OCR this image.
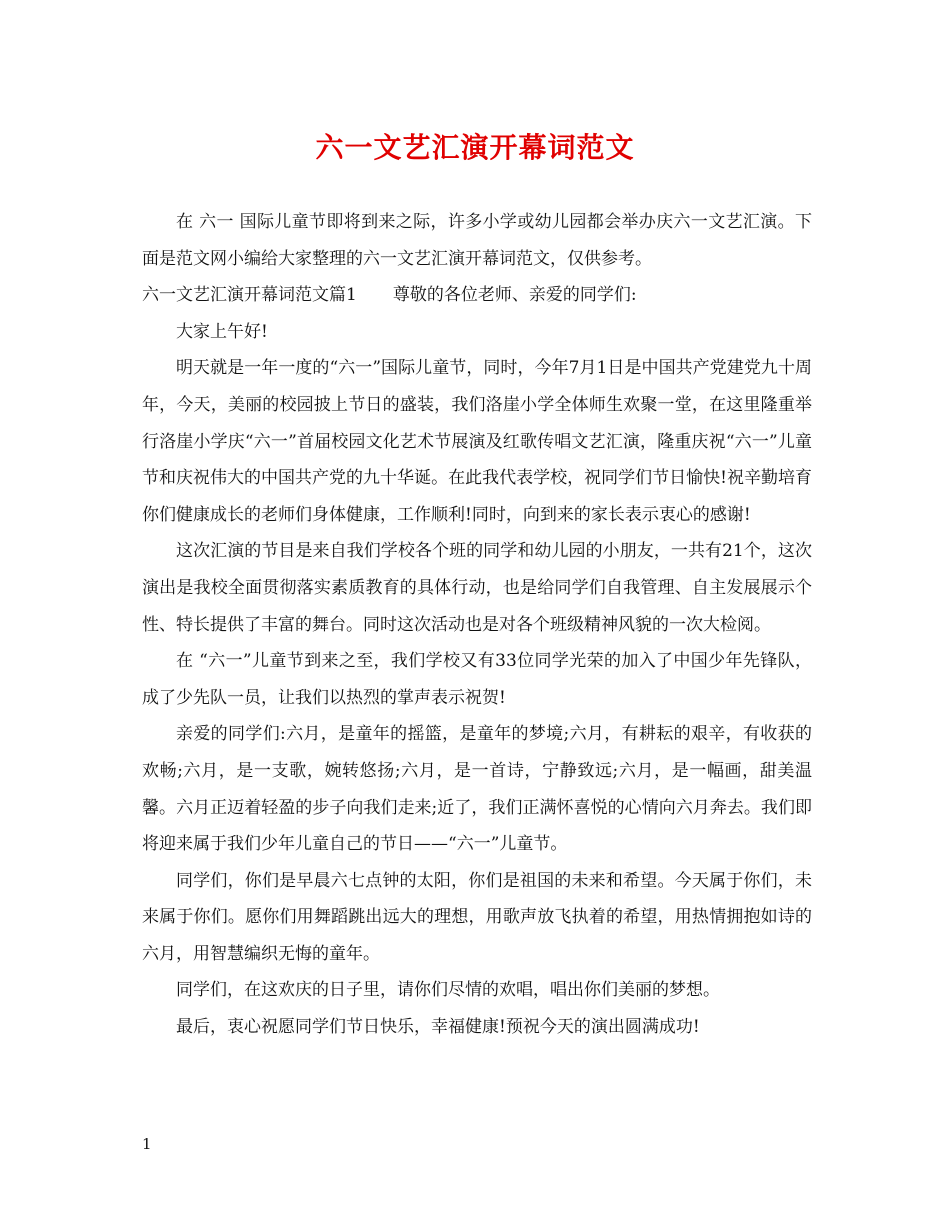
六一文艺汇演开幕词范文

在 六一 国际儿童节即将到来之际，许多小学或幼儿园都会举办庆六一文艺汇演。下面是范文网小编给大家整理的六一文艺汇演开幕词范文，仅供参考。

六一文艺汇演开幕词范文篇1 尊敬的各位老师、亲爱的同学们:

大家上午好!

明天就是一年一度的“六一”国际儿童节，同时，今年7月1日是中国共产党建党九十周年，今天，美丽的校园披上节日的盛装，我们洛崖小学全体师生欢聚一堂，在这里隆重举行洛崖小学庆“六一”首届校园文化艺术节展演及红歌传唱文艺汇演，隆重庆祝“六一”儿童节和庆祝伟大的中国共产党的九十华诞。在此我代表学校，祝同学们节日愉快!祝辛勤培育你们健康成长的老师们身体健康，工作顺利!同时，向到来的家长表示衷心的感谢!

这次汇演的节目是来自我们学校各个班的同学和幼儿园的小朋友，一共有21个，这次演出是我校全面贯彻落实素质教育的具体行动，也是给同学们自我管理、自主发展展示个性、特长提供了丰富的舞台。同时这次活动也是对各个班级精神风貌的一次大检阅。

在 “六一”儿童节到来之至，我们学校又有33位同学光荣的加入了中国少年先锋队，成了少先队一员，让我们以热烈的掌声表示祝贺!

亲爱的同学们:六月，是童年的摇篮，是童年的梦境;六月，有耕耘的艰辛，有收获的欢畅;六月，是一支歌，婉转悠扬;六月，是一首诗，宁静致远;六月，是一幅画，甜美温馨。六月正迈着轻盈的步子向我们走来;近了，我们正满怀喜悦的心情向六月奔去。我们即将迎来属于我们少年儿童自己的节日——“六一”儿童节。

同学们，你们是早晨六七点钟的太阳，你们是祖国的未来和希望。今天属于你们，未来属于你们。愿你们用舞蹈跳出远大的理想，用歌声放飞执着的希望，用热情拥抱如诗的六月，用智慧编织无悔的童年。

同学们，在这欢庆的日子里，请你们尽情的欢唱，唱出你们美丽的梦想。

最后，衷心祝愿同学们节日快乐，幸福健康!预祝今天的演出圆满成功!

1
